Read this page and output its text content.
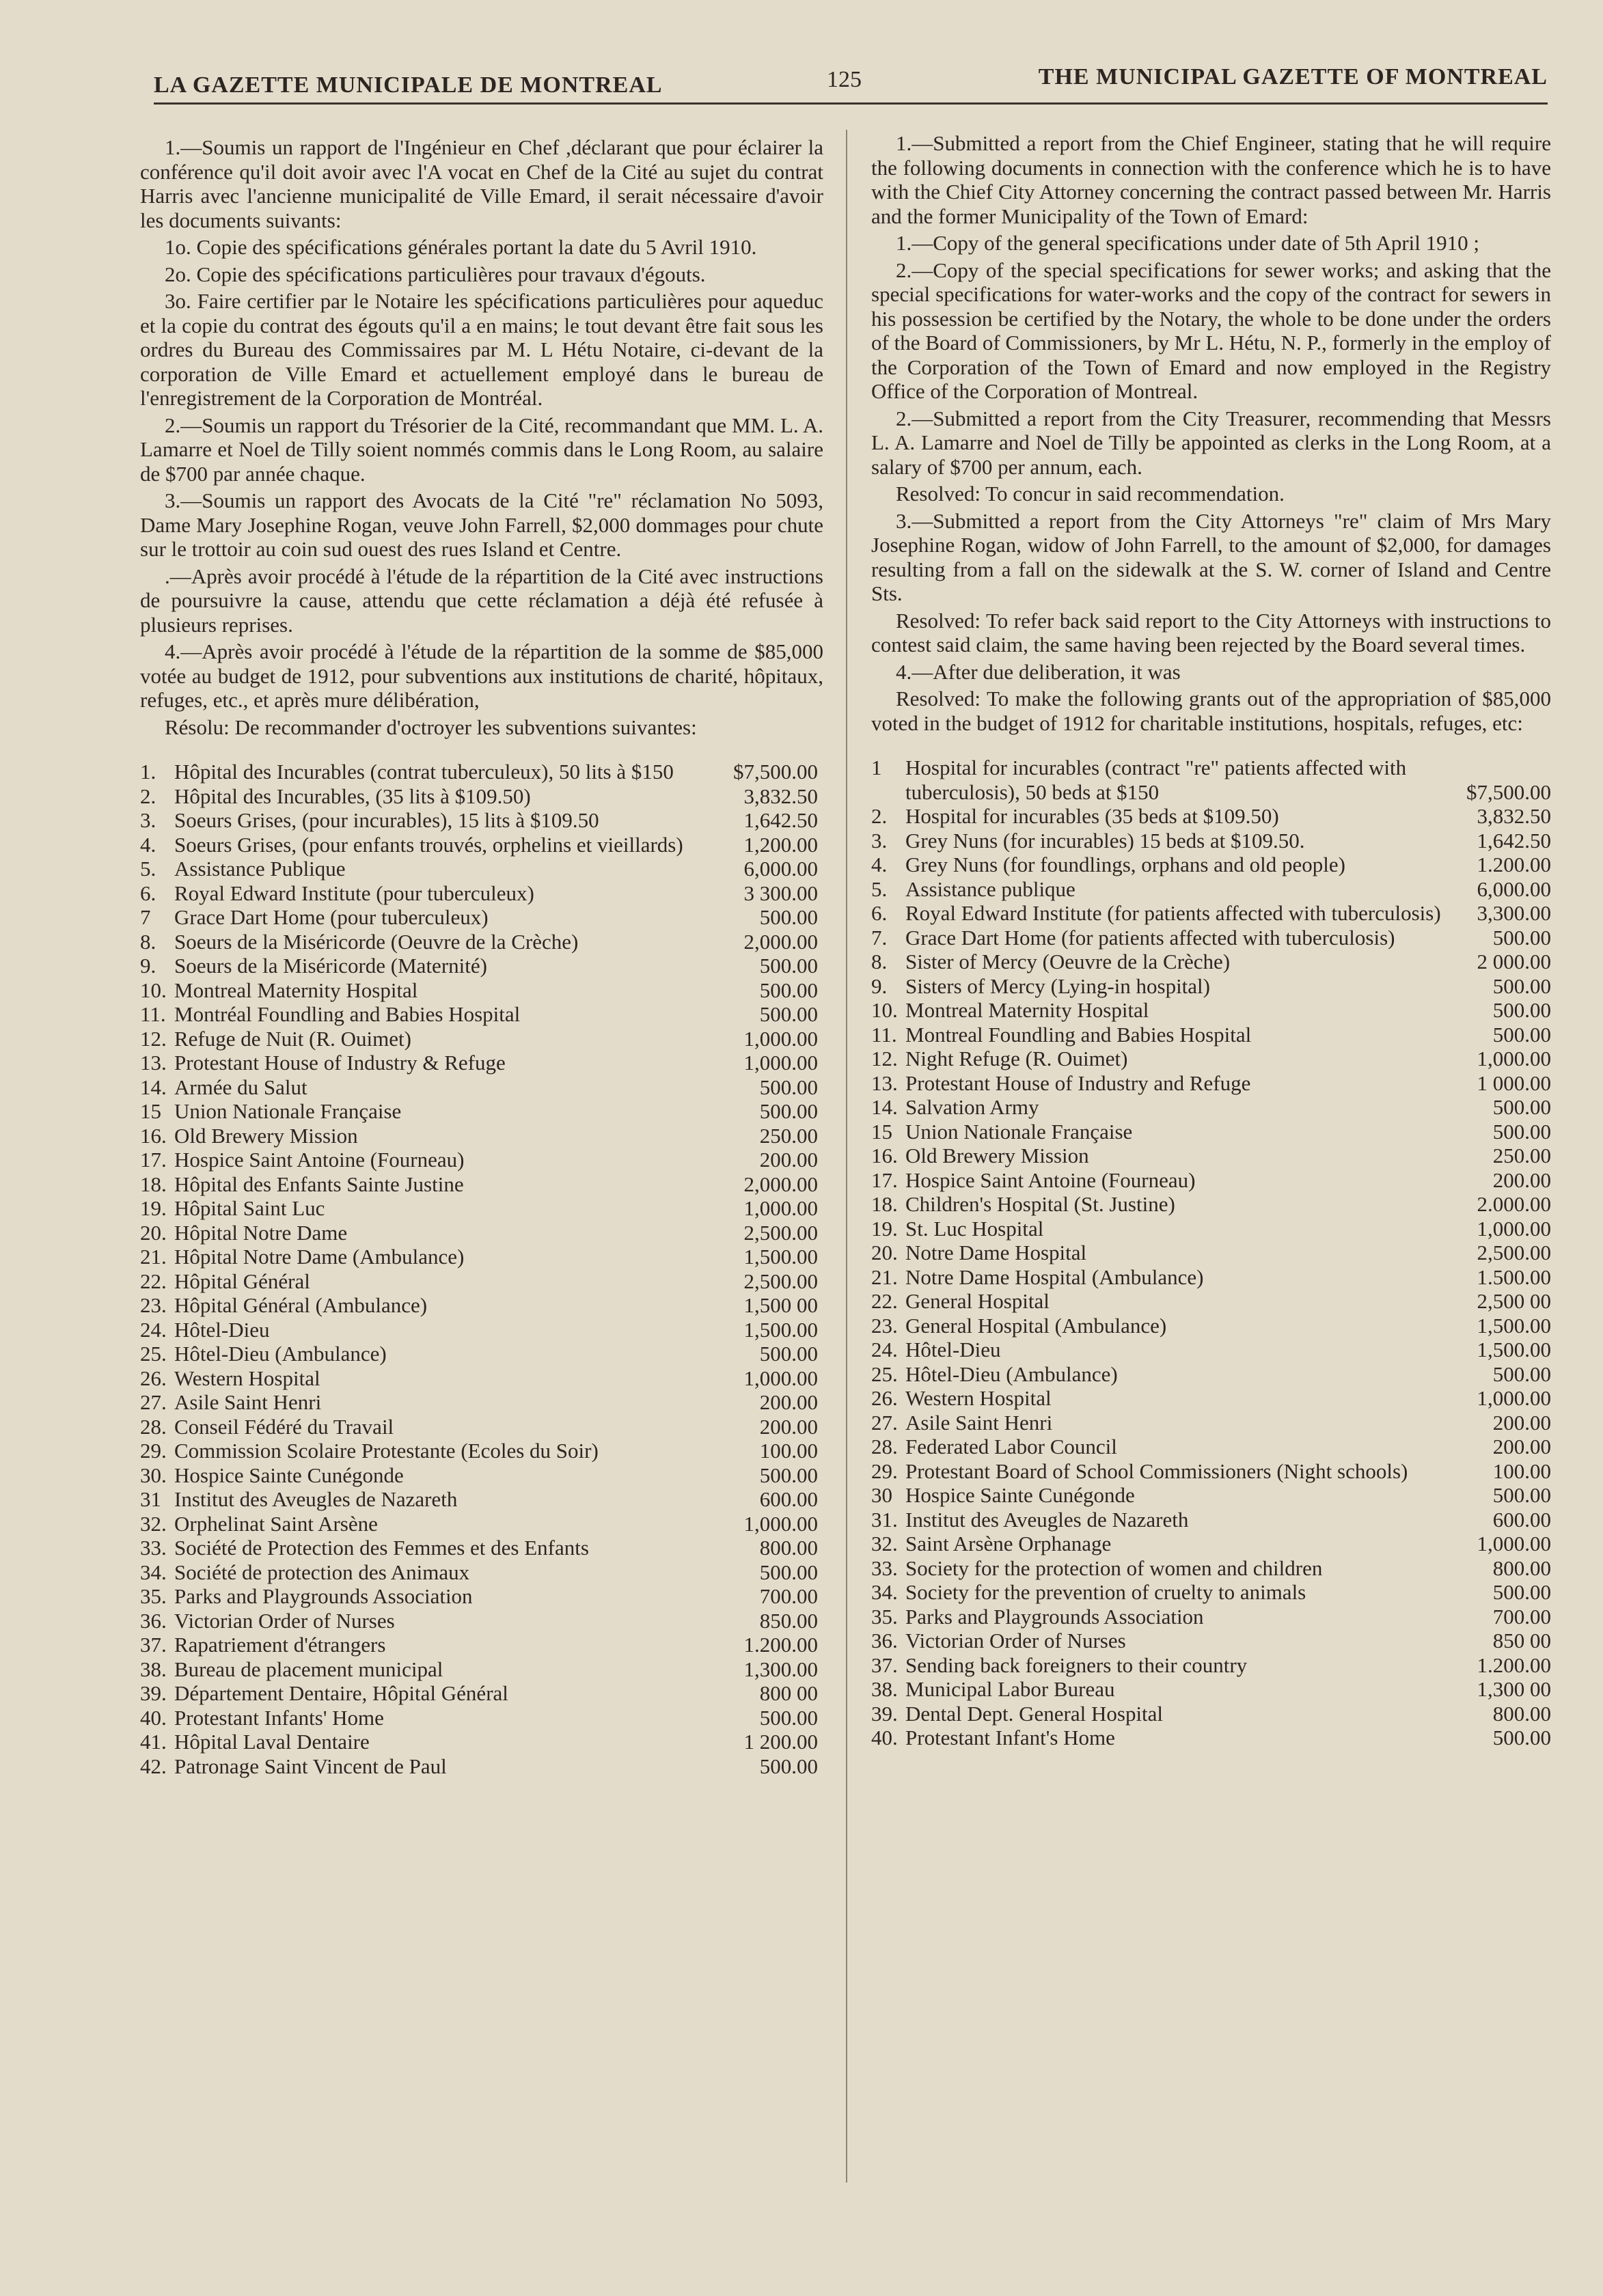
LA GAZETTE MUNICIPALE DE MONTREAL	125	THE MUNICIPAL GAZETTE OF MONTREAL

1.—Soumis un rapport de l'Ingénieur en Chef ,déclarant que pour éclairer la conférence qu'il doit avoir avec l'A vocat en Chef de la Cité au sujet du contrat Harris avec l'ancienne municipalité de Ville Emard, il serait nécessaire d'avoir les documents suivants:

1o. Copie des spécifications générales portant la date du 5 Avril 1910.

2o. Copie des spécifications particulières pour travaux d'égouts.

3o. Faire certifier par le Notaire les spécifications particulières pour aqueduc et la copie du contrat des égouts qu'il a en mains; le tout devant être fait sous les ordres du Bureau des Commissaires par M. L Hétu Notaire, ci-devant de la corporation de Ville Emard et actuellement employé dans le bureau de l'enregistrement de la Corporation de Montréal.

2.—Soumis un rapport du Trésorier de la Cité, recommandant que MM. L. A. Lamarre et Noel de Tilly soient nommés commis dans le Long Room, au salaire de $700 par année chaque.

3.—Soumis un rapport des Avocats de la Cité "re" réclamation No 5093, Dame Mary Josephine Rogan, veuve John Farrell, $2,000 dommages pour chute sur le trottoir au coin sud ouest des rues Island et Centre.

.—Après avoir procédé à l'étude de la répartition de la Cité avec instructions de poursuivre la cause, attendu que cette réclamation a déjà été refusée à plusieurs reprises.

4.—Après avoir procédé à l'étude de la répartition de la somme de $85,000 votée au budget de 1912, pour subventions aux institutions de charité, hôpitaux, refuges, etc., et après mure délibération,

Résolu: De recommander d'octroyer les subventions suivantes:

1. Hôpital des Incurables (contrat tuberculeux), 50 lits à $150	$7,500.00
2. Hôpital des Incurables, (35 lits à $109.50)	3,832.50
3. Soeurs Grises, (pour incurables), 15 lits à $109.50	1,642.50
4. Soeurs Grises, (pour enfants trouvés, orphelins et vieillards)	1,200.00
5. Assistance Publique	6,000.00
6. Royal Edward Institute (pour tuberculeux)	3 300.00
7	Grace Dart Home (pour tuberculeux)	500.00
8. Soeurs de la Miséricorde (Oeuvre de la Crèche)	2,000.00
9. Soeurs de la Miséricorde (Maternité)	500.00
10. Montreal Maternity Hospital	500.00
11. Montréal Foundling and Babies Hospital	500.00
12. Refuge de Nuit (R. Ouimet)	1,000.00
13. Protestant House of Industry & Refuge	1,000.00
14. Armée du Salut	500.00
15 Union Nationale Française	500.00
16. Old Brewery Mission	250.00
17. Hospice Saint Antoine (Fourneau)	200.00
18. Hôpital des Enfants Sainte Justine	2,000.00
19. Hôpital Saint Luc	1,000.00
20. Hôpital Notre Dame	2,500.00
21. Hôpital Notre Dame (Ambulance)	1,500.00
22. Hôpital Général	2,500.00
23. Hôpital Général (Ambulance)	1,500 00
24. Hôtel-Dieu	1,500.00
25. Hôtel-Dieu (Ambulance)	500.00
26. Western Hospital	1,000.00
27. Asile Saint Henri	200.00
28. Conseil Fédéré du Travail	200.00
29. Commission Scolaire Protestante (Ecoles du Soir)	100.00
30. Hospice Sainte Cunégonde	500.00
31 Institut des Aveugles de Nazareth	600.00
32. Orphelinat Saint Arsène	1,000.00
33. Société de Protection des Femmes et des Enfants	800.00
34. Société de protection des Animaux	500.00
35. Parks and Playgrounds Association	700.00
36. Victorian Order of Nurses	850.00
37. Rapatriement d'étrangers	1.200.00
38. Bureau de placement municipal	1,300.00
39. Département Dentaire, Hôpital Général	800 00
40. Protestant Infants' Home	500.00
41. Hôpital Laval Dentaire	1 200.00
42. Patronage Saint Vincent de Paul	500.00

1.—Submitted a report from the Chief Engineer, stating that he will require the following documents in connection with the conference which he is to have with the Chief City Attorney concerning the contract passed between Mr. Harris and the former Municipality of the Town of Emard:

1.—Copy of the general specifications under date of 5th April 1910 ;

2.—Copy of the special specifications for sewer works; and asking that the special specifications for water-works and the copy of the contract for sewers in his possession be certified by the Notary, the whole to be done under the orders of the Board of Commissioners, by Mr L. Hétu, N. P., formerly in the employ of the Corporation of the Town of Emard and now employed in the Registry Office of the Corporation of Montreal.

2.—Submitted a report from the City Treasurer, recommending that Messrs L. A. Lamarre and Noel de Tilly be appointed as clerks in the Long Room, at a salary of $700 per annum, each.

Resolved: To concur in said recommendation.

3.—Submitted a report from the City Attorneys "re" claim of Mrs Mary Josephine Rogan, widow of John Farrell, to the amount of $2,000, for damages resulting from a fall on the sidewalk at the S. W. corner of Island and Centre Sts.

Resolved: To refer back said report to the City Attorneys with instructions to contest said claim, the same having been rejected by the Board several times.

4.—After due deliberation, it was

Resolved: To make the following grants out of the appropriation of $85,000 voted in the budget of 1912 for charitable institutions, hospitals, refuges, etc:

1	Hospital for incurables (contract "re" patients affected with tuberculosis), 50 beds at $150	$7,500.00
2. Hospital for incurables (35 beds at $109.50)	3,832.50
3. Grey Nuns (for incurables) 15 beds at $109.50.	1,642.50
4. Grey Nuns (for foundlings, orphans and old people)	1.200.00
5. Assistance publique	6,000.00
6. Royal Edward Institute (for patients affected with tuberculosis)	3,300.00
7. Grace Dart Home (for patients affected with tuberculosis)	500.00
8. Sister of Mercy (Oeuvre de la Crèche)	2 000.00
9. Sisters of Mercy (Lying-in hospital)	500.00
10. Montreal Maternity Hospital	500.00
11. Montreal Foundling and Babies Hospital	500.00
12. Night Refuge (R. Ouimet)	1,000.00
13. Protestant House of Industry and Refuge	1 000.00
14. Salvation Army	500.00
15 Union Nationale Française	500.00
16. Old Brewery Mission	250.00
17. Hospice Saint Antoine (Fourneau)	200.00
18. Children's Hospital (St. Justine)	2.000.00
19. St. Luc Hospital	1,000.00
20. Notre Dame Hospital	2,500.00
21. Notre Dame Hospital (Ambulance)	1.500.00
22. General Hospital	2,500 00
23. General Hospital (Ambulance)	1,500.00
24. Hôtel-Dieu	1,500.00
25. Hôtel-Dieu (Ambulance)	500.00
26. Western Hospital	1,000.00
27. Asile Saint Henri	200.00
28. Federated Labor Council	200.00
29. Protestant Board of School Commissioners (Night schools)	100.00
30 Hospice Sainte Cunégonde	500.00
31. Institut des Aveugles de Nazareth	600.00
32. Saint Arsène Orphanage	1,000.00
33. Society for the protection of women and children	800.00
34. Society for the prevention of cruelty to animals	500.00
35. Parks and Playgrounds Association	700.00
36. Victorian Order of Nurses	850 00
37. Sending back foreigners to their country	1.200.00
38. Municipal Labor Bureau	1,300 00
39. Dental Dept. General Hospital	800.00
40. Protestant Infant's Home	500.00
